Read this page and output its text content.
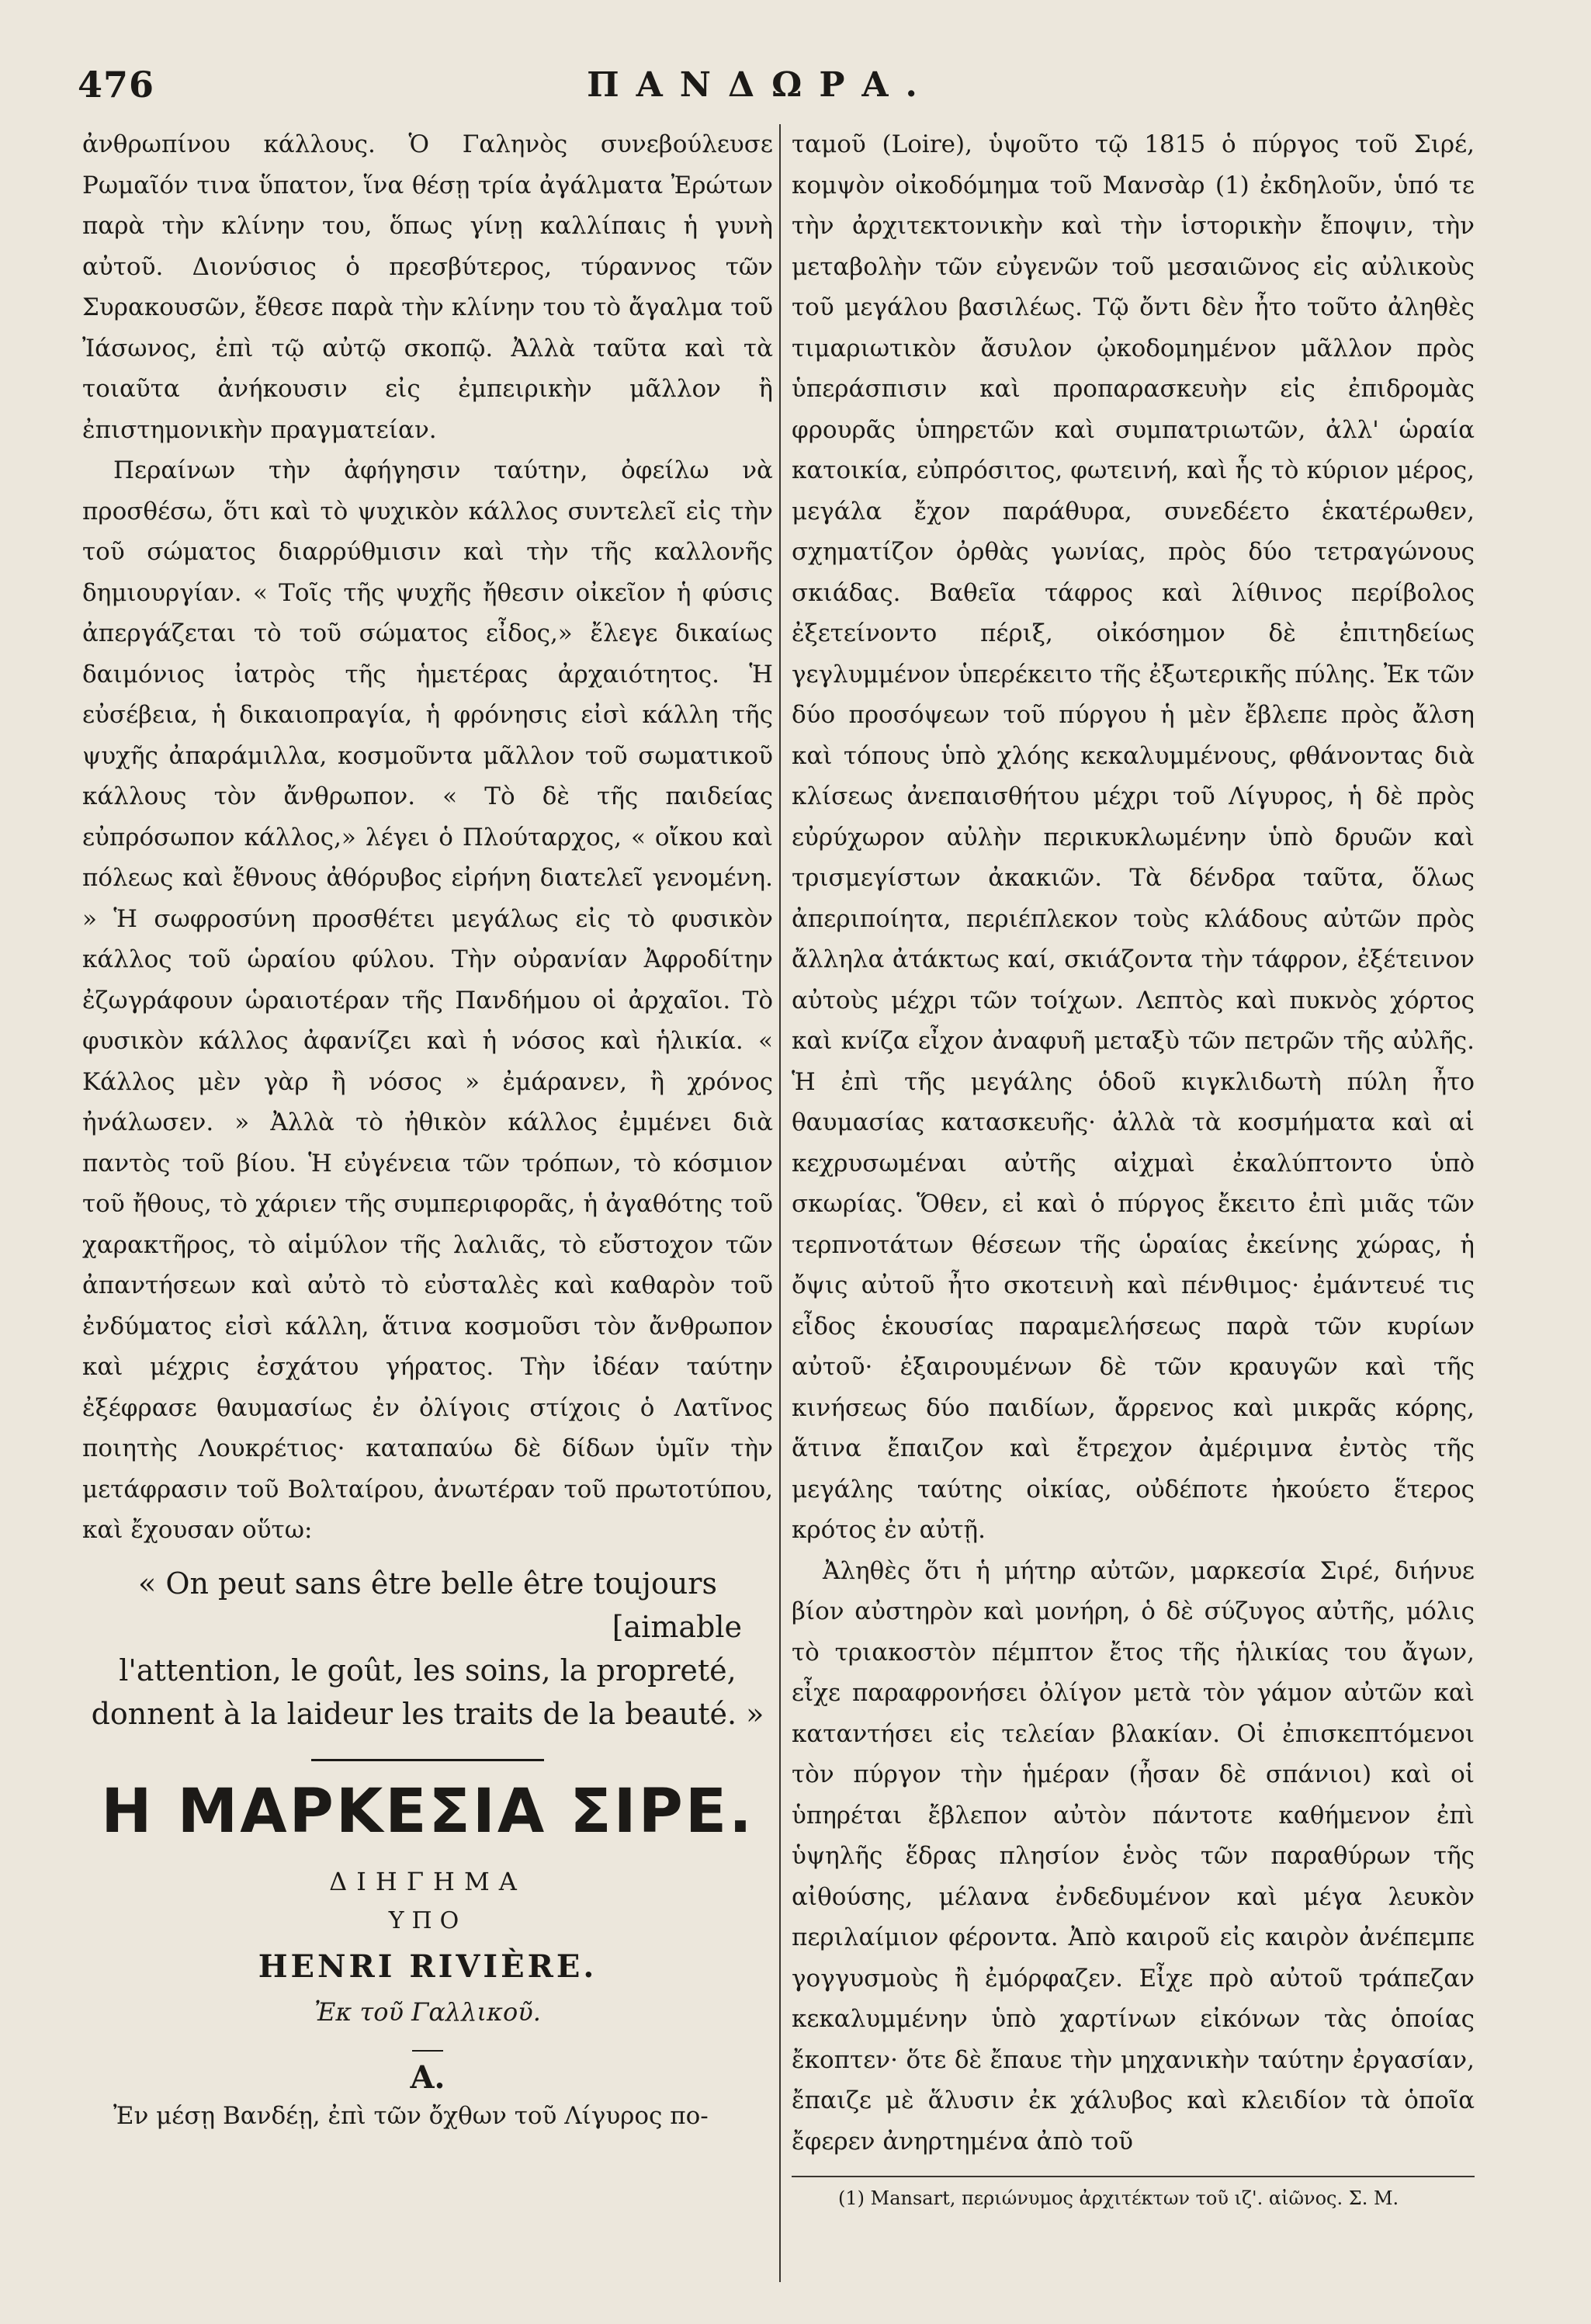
476	ΠΑΝΔΩΡΑ.

ἀνθρωπίνου κάλλους. Ὁ Γαληνὸς συνεβούλευσε Ρωμαῖόν τινα ὕπατον, ἵνα θέσῃ τρία ἀγάλματα Ἐρώτων παρὰ τὴν κλίνην του, ὅπως γίνῃ καλλίπαις ἡ γυνὴ αὐτοῦ. Διονύσιος ὁ πρεσβύτερος, τύραννος τῶν Συρακουσῶν, ἔθεσε παρὰ τὴν κλίνην του τὸ ἄγαλμα τοῦ Ἰάσωνος, ἐπὶ τῷ αὐτῷ σκοπῷ. Ἀλλὰ ταῦτα καὶ τὰ τοιαῦτα ἀνήκουσιν εἰς ἐμπειρικὴν μᾶλλον ἢ ἐπιστημονικὴν πραγματείαν.

Περαίνων τὴν ἀφήγησιν ταύτην, ὀφείλω νὰ προσθέσω, ὅτι καὶ τὸ ψυχικὸν κάλλος συντελεῖ εἰς τὴν τοῦ σώματος διαρρύθμισιν καὶ τὴν τῆς καλλονῆς δημιουργίαν. « Τοῖς τῆς ψυχῆς ἤθεσιν οἰκεῖον ἡ φύσις ἀπεργάζεται τὸ τοῦ σώματος εἶδος,» ἔλεγε δικαίως δαιμόνιος ἰατρὸς τῆς ἡμετέρας ἀρχαιότητος. Ἡ εὐσέβεια, ἡ δικαιοπραγία, ἡ φρόνησις εἰσὶ κάλλη τῆς ψυχῆς ἀπαράμιλλα, κοσμοῦντα μᾶλλον τοῦ σωματικοῦ κάλλους τὸν ἄνθρωπον. « Τὸ δὲ τῆς παιδείας εὐπρόσωπον κάλλος,» λέγει ὁ Πλούταρχος, « οἴκου καὶ πόλεως καὶ ἔθνους ἀθόρυβος εἰρήνη διατελεῖ γενομένη. » Ἡ σωφροσύνη προσθέτει μεγάλως εἰς τὸ φυσικὸν κάλλος τοῦ ὡραίου φύλου. Τὴν οὐρανίαν Ἀφροδίτην ἐζωγράφουν ὡραιοτέραν τῆς Πανδήμου οἱ ἀρχαῖοι. Τὸ φυσικὸν κάλλος ἀφανίζει καὶ ἡ νόσος καὶ ἡλικία. « Κάλλος μὲν γὰρ ἢ νόσος » ἐμάρανεν, ἢ χρόνος ἠνάλωσεν. » Ἀλλὰ τὸ ἠθικὸν κάλλος ἐμμένει διὰ παντὸς τοῦ βίου. Ἡ εὐγένεια τῶν τρόπων, τὸ κόσμιον τοῦ ἤθους, τὸ χάριεν τῆς συμπεριφορᾶς, ἡ ἀγαθότης τοῦ χαρακτῆρος, τὸ αἱμύλον τῆς λαλιᾶς, τὸ εὔστοχον τῶν ἀπαντήσεων καὶ αὐτὸ τὸ εὐσταλὲς καὶ καθαρὸν τοῦ ἐνδύματος εἰσὶ κάλλη, ἅτινα κοσμοῦσι τὸν ἄνθρωπον καὶ μέχρις ἐσχάτου γήρατος. Τὴν ἰδέαν ταύτην ἐξέφρασε θαυμασίως ἐν ὀλίγοις στίχοις ὁ Λατῖνος ποιητὴς Λουκρέτιος· καταπαύω δὲ δίδων ὑμῖν τὴν μετάφρασιν τοῦ Βολταίρου, ἀνωτέραν τοῦ πρωτοτύπου, καὶ ἔχουσαν οὕτω:

« On peut sans être belle être toujours
[aimable
l'attention, le goût, les soins, la propreté,
donnent à la laideur les traits de la beauté. »
Η ΜΑΡΚΕΣΙΑ ΣΙΡΕ.
ΔΙΗΓΗΜΑ
ΥΠΟ
HENRI RIVIÈRE.
Ἐκ τοῦ Γαλλικοῦ.
Α.

Ἐν μέσῃ Βανδέῃ, ἐπὶ τῶν ὄχθων τοῦ Λίγυρος πο-

ταμοῦ (Loire), ὑψοῦτο τῷ 1815 ὁ πύργος τοῦ Σιρέ, κομψὸν οἰκοδόμημα τοῦ Μανσὰρ (1) ἐκδηλοῦν, ὑπό τε τὴν ἀρχιτεκτονικὴν καὶ τὴν ἱστορικὴν ἔποψιν, τὴν μεταβολὴν τῶν εὐγενῶν τοῦ μεσαιῶνος εἰς αὐλικοὺς τοῦ μεγάλου βασιλέως. Τῷ ὄντι δὲν ἦτο τοῦτο ἀληθὲς τιμαριωτικὸν ἄσυλον ᾠκοδομημένον μᾶλλον πρὸς ὑπεράσπισιν καὶ προπαρασκευὴν εἰς ἐπιδρομὰς φρουρᾶς ὑπηρετῶν καὶ συμπατριωτῶν, ἀλλ' ὡραία κατοικία, εὐπρόσιτος, φωτεινή, καὶ ἧς τὸ κύριον μέρος, μεγάλα ἔχον παράθυρα, συνεδέετο ἑκατέρωθεν, σχηματίζον ὀρθὰς γωνίας, πρὸς δύο τετραγώνους σκιάδας. Βαθεῖα τάφρος καὶ λίθινος περίβολος ἐξετείνοντο πέριξ, οἰκόσημον δὲ ἐπιτηδείως γεγλυμμένον ὑπερέκειτο τῆς ἐξωτερικῆς πύλης. Ἐκ τῶν δύο προσόψεων τοῦ πύργου ἡ μὲν ἔβλεπε πρὸς ἄλση καὶ τόπους ὑπὸ χλόης κεκαλυμμένους, φθάνοντας διὰ κλίσεως ἀνεπαισθήτου μέχρι τοῦ Λίγυρος, ἡ δὲ πρὸς εὐρύχωρον αὐλὴν περικυκλωμένην ὑπὸ δρυῶν καὶ τρισμεγίστων ἀκακιῶν. Τὰ δένδρα ταῦτα, ὅλως ἀπεριποίητα, περιέπλεκον τοὺς κλάδους αὐτῶν πρὸς ἄλληλα ἀτάκτως καί, σκιάζοντα τὴν τάφρον, ἐξέτεινον αὐτοὺς μέχρι τῶν τοίχων. Λεπτὸς καὶ πυκνὸς χόρτος καὶ κνίζα εἶχον ἀναφυῆ μεταξὺ τῶν πετρῶν τῆς αὐλῆς. Ἡ ἐπὶ τῆς μεγάλης ὁδοῦ κιγκλιδωτὴ πύλη ἦτο θαυμασίας κατασκευῆς· ἀλλὰ τὰ κοσμήματα καὶ αἱ κεχρυσωμέναι αὐτῆς αἰχμαὶ ἐκαλύπτοντο ὑπὸ σκωρίας. Ὅθεν, εἰ καὶ ὁ πύργος ἔκειτο ἐπὶ μιᾶς τῶν τερπνοτάτων θέσεων τῆς ὡραίας ἐκείνης χώρας, ἡ ὄψις αὐτοῦ ἦτο σκοτεινὴ καὶ πένθιμος· ἐμάντευέ τις εἶδος ἑκουσίας παραμελήσεως παρὰ τῶν κυρίων αὐτοῦ· ἐξαιρουμένων δὲ τῶν κραυγῶν καὶ τῆς κινήσεως δύο παιδίων, ἄρρενος καὶ μικρᾶς κόρης, ἅτινα ἔπαιζον καὶ ἔτρεχον ἀμέριμνα ἐντὸς τῆς μεγάλης ταύτης οἰκίας, οὐδέποτε ἠκούετο ἕτερος κρότος ἐν αὐτῇ.

Ἀληθὲς ὅτι ἡ μήτηρ αὐτῶν, μαρκεσία Σιρέ, διήνυε βίον αὐστηρὸν καὶ μονήρη, ὁ δὲ σύζυγος αὐτῆς, μόλις τὸ τριακοστὸν πέμπτον ἔτος τῆς ἡλικίας του ἄγων, εἶχε παραφρονήσει ὀλίγον μετὰ τὸν γάμον αὐτῶν καὶ καταντήσει εἰς τελείαν βλακίαν. Οἱ ἐπισκεπτόμενοι τὸν πύργον τὴν ἡμέραν (ἦσαν δὲ σπάνιοι) καὶ οἱ ὑπηρέται ἔβλεπον αὐτὸν πάντοτε καθήμενον ἐπὶ ὑψηλῆς ἕδρας πλησίον ἑνὸς τῶν παραθύρων τῆς αἰθούσης, μέλανα ἐνδεδυμένον καὶ μέγα λευκὸν περιλαίμιον φέροντα. Ἀπὸ καιροῦ εἰς καιρὸν ἀνέπεμπε γογγυσμοὺς ἢ ἐμόρφαζεν. Εἶχε πρὸ αὐτοῦ τράπεζαν κεκαλυμμένην ὑπὸ χαρτίνων εἰκόνων τὰς ὁποίας ἔκοπτεν· ὅτε δὲ ἔπαυε τὴν μηχανικὴν ταύτην ἐργασίαν, ἔπαιζε μὲ ἅλυσιν ἐκ χάλυβος καὶ κλειδίον τὰ ὁποῖα ἔφερεν ἀνηρτημένα ἀπὸ τοῦ

(1) Mansart, περιώνυμος ἀρχιτέκτων τοῦ ιζ'. αἰῶνος. Σ. Μ.
